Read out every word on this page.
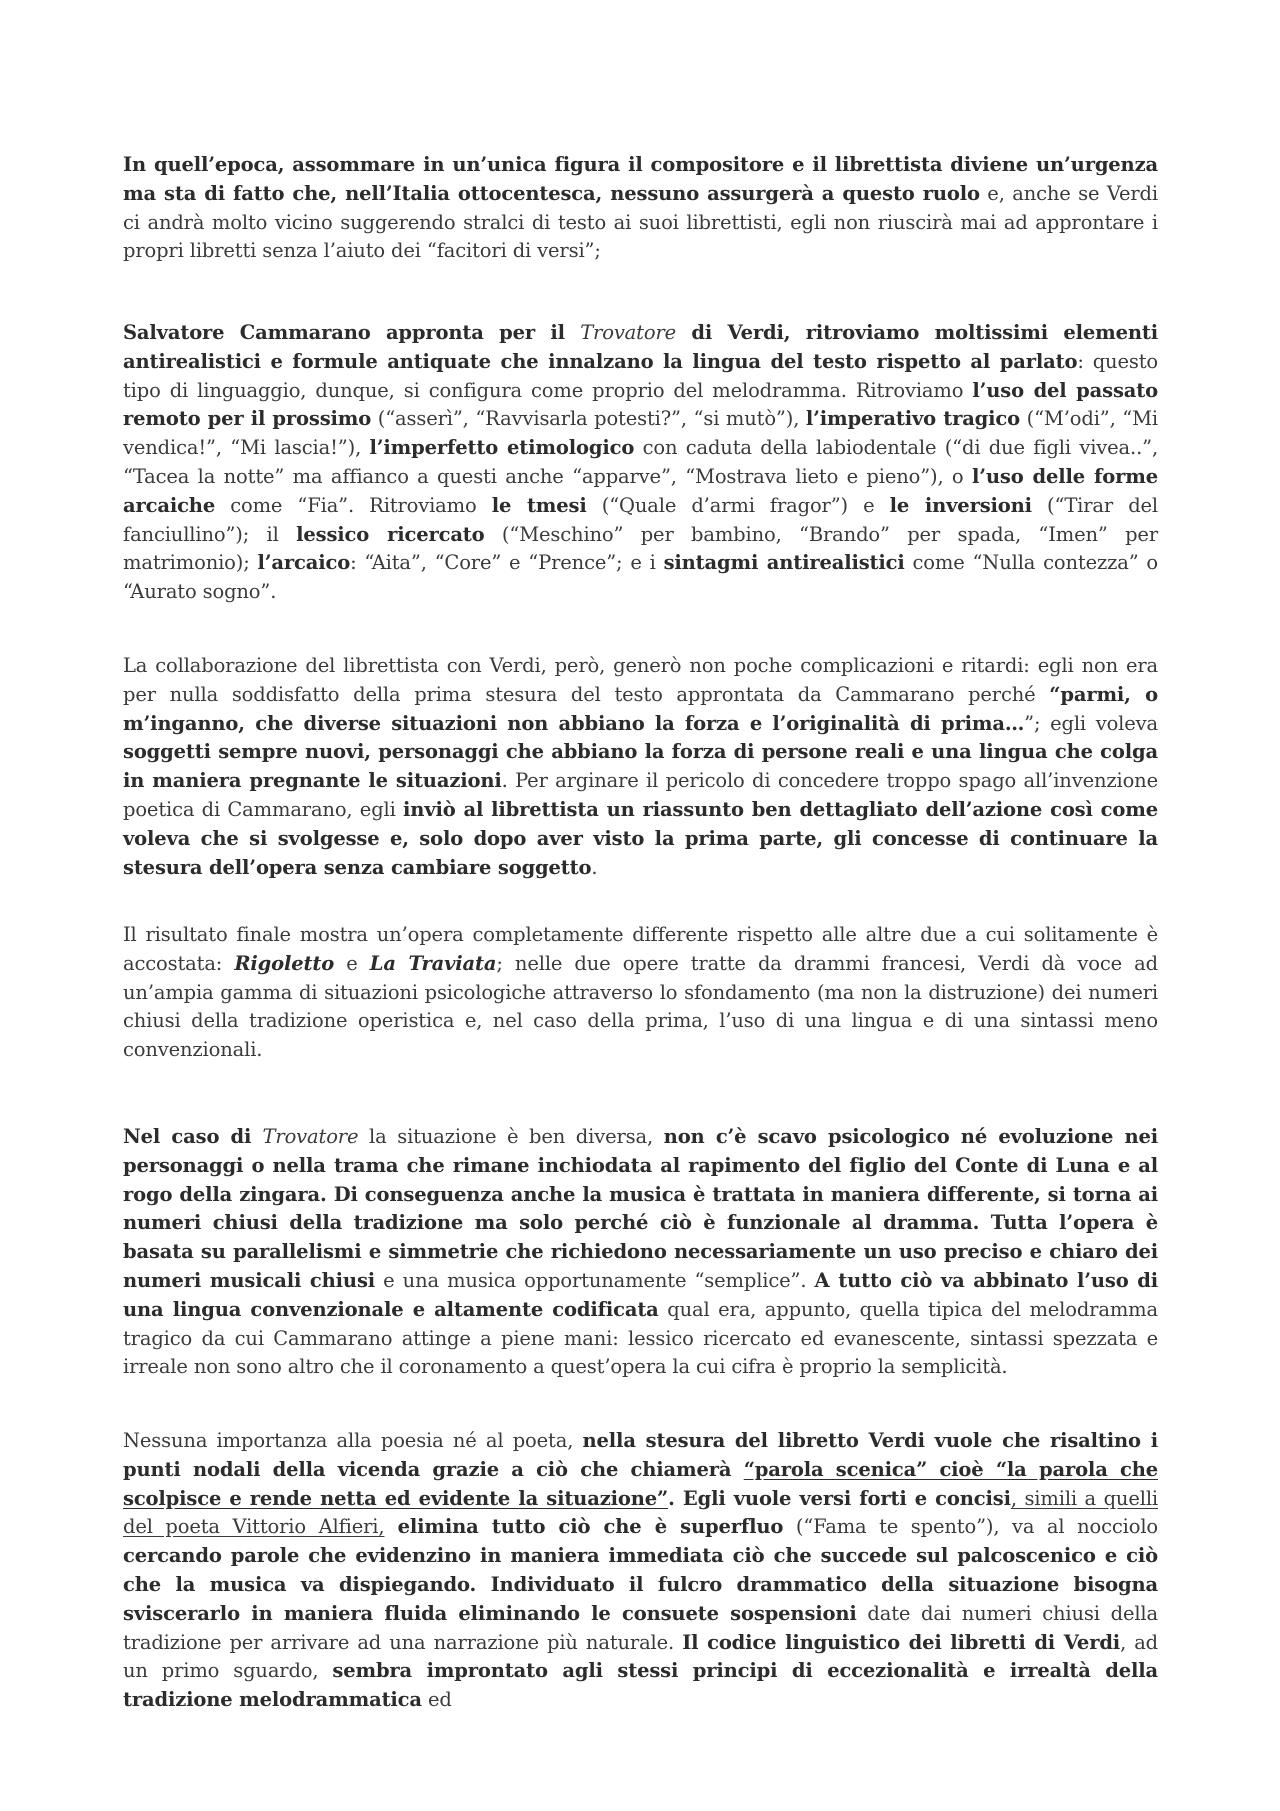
In quell’epoca, assommare in un’unica figura il compositore e il librettista diviene un’urgenza ma sta di fatto che, nell’Italia ottocentesca, nessuno assurgerà a questo ruolo e, anche se Verdi ci andrà molto vicino suggerendo stralci di testo ai suoi librettisti, egli non riuscirà mai ad approntare i propri libretti senza l’aiuto dei “facitori di versi”;

Salvatore Cammarano appronta per il Trovatore di Verdi, ritroviamo moltissimi elementi antirealistici e formule antiquate che innalzano la lingua del testo rispetto al parlato: questo tipo di linguaggio, dunque, si configura come proprio del melodramma. Ritroviamo l’uso del passato remoto per il prossimo (“asserì”, “Ravvisarla potesti?”, “si mutò”), l’imperativo tragico (“M’odi”, “Mi vendica!”, “Mi lascia!”), l’imperfetto etimologico con caduta della labiodentale (“di due figli vivea..”, “Tacea la notte” ma affianco a questi anche “apparve”, “Mostrava lieto e pieno”), o l’uso delle forme arcaiche come “Fia”. Ritroviamo le tmesi (“Quale d’armi fragor”) e le inversioni (“Tirar del fanciullino”); il lessico ricercato (“Meschino” per bambino, “Brando” per spada, “Imen” per matrimonio); l’arcaico: “Aita”, “Core” e “Prence”; e i sintagmi antirealistici come “Nulla contezza” o “Aurato sogno”.

La collaborazione del librettista con Verdi, però, generò non poche complicazioni e ritardi: egli non era per nulla soddisfatto della prima stesura del testo approntata da Cammarano perché “parmi, o m’inganno, che diverse situazioni non abbiano la forza e l’originalità di prima…”; egli voleva soggetti sempre nuovi, personaggi che abbiano la forza di persone reali e una lingua che colga in maniera pregnante le situazioni. Per arginare il pericolo di concedere troppo spago all’invenzione poetica di Cammarano, egli inviò al librettista un riassunto ben dettagliato dell’azione così come voleva che si svolgesse e, solo dopo aver visto la prima parte, gli concesse di continuare la stesura dell’opera senza cambiare soggetto.

Il risultato finale mostra un’opera completamente differente rispetto alle altre due a cui solitamente è accostata: Rigoletto e La Traviata; nelle due opere tratte da drammi francesi, Verdi dà voce ad un’ampia gamma di situazioni psicologiche attraverso lo sfondamento (ma non la distruzione) dei numeri chiusi della tradizione operistica e, nel caso della prima, l’uso di una lingua e di una sintassi meno convenzionali.

Nel caso di Trovatore la situazione è ben diversa, non c’è scavo psicologico né evoluzione nei personaggi o nella trama che rimane inchiodata al rapimento del figlio del Conte di Luna e al rogo della zingara. Di conseguenza anche la musica è trattata in maniera differente, si torna ai numeri chiusi della tradizione ma solo perché ciò è funzionale al dramma. Tutta l’opera è basata su parallelismi e simmetrie che richiedono necessariamente un uso preciso e chiaro dei numeri musicali chiusi e una musica opportunamente “semplice”. A tutto ciò va abbinato l’uso di una lingua convenzionale e altamente codificata qual era, appunto, quella tipica del melodramma tragico da cui Cammarano attinge a piene mani: lessico ricercato ed evanescente, sintassi spezzata e irreale non sono altro che il coronamento a quest’opera la cui cifra è proprio la semplicità.

Nessuna importanza alla poesia né al poeta, nella stesura del libretto Verdi vuole che risaltino i punti nodali della vicenda grazie a ciò che chiamerà “parola scenica” cioè “la parola che scolpisce e rende netta ed evidente la situazione”. Egli vuole versi forti e concisi, simili a quelli del poeta Vittorio Alfieri, elimina tutto ciò che è superfluo (“Fama te spento”), va al nocciolo cercando parole che evidenzino in maniera immediata ciò che succede sul palcoscenico e ciò che la musica va dispiegando. Individuato il fulcro drammatico della situazione bisogna sviscerarlo in maniera fluida eliminando le consuete sospensioni date dai numeri chiusi della tradizione per arrivare ad una narrazione più naturale. Il codice linguistico dei libretti di Verdi, ad un primo sguardo, sembra improntato agli stessi principi di eccezionalità e irrealtà della tradizione melodrammatica ed
